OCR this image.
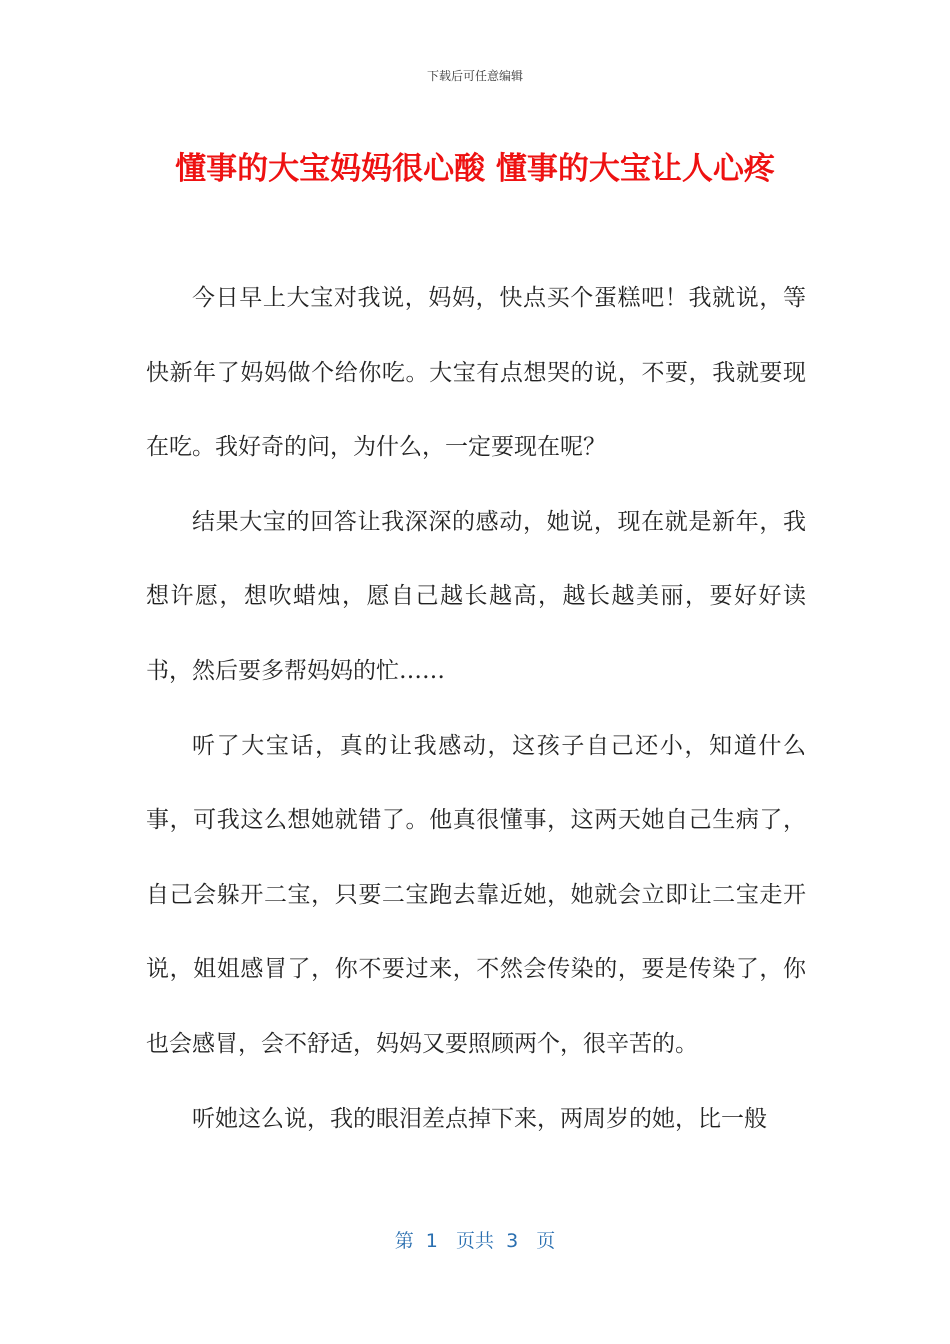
下载后可任意编辑
懂事的大宝妈妈很心酸 懂事的大宝让人心疼

今日早上大宝对我说，妈妈，快点买个蛋糕吧！我就说，等快新年了妈妈做个给你吃。大宝有点想哭的说，不要，我就要现在吃。我好奇的问，为什么，一定要现在呢？

结果大宝的回答让我深深的感动，她说，现在就是新年，我想许愿，想吹蜡烛，愿自己越长越高，越长越美丽，要好好读书，然后要多帮妈妈的忙……

听了大宝话，真的让我感动，这孩子自己还小，知道什么事，可我这么想她就错了。他真很懂事，这两天她自己生病了，自己会躲开二宝，只要二宝跑去靠近她，她就会立即让二宝走开说，姐姐感冒了，你不要过来，不然会传染的，要是传染了，你也会感冒，会不舒适，妈妈又要照顾两个，很辛苦的。

听她这么说，我的眼泪差点掉下来，两周岁的她，比一般

第  1   页共  3   页
